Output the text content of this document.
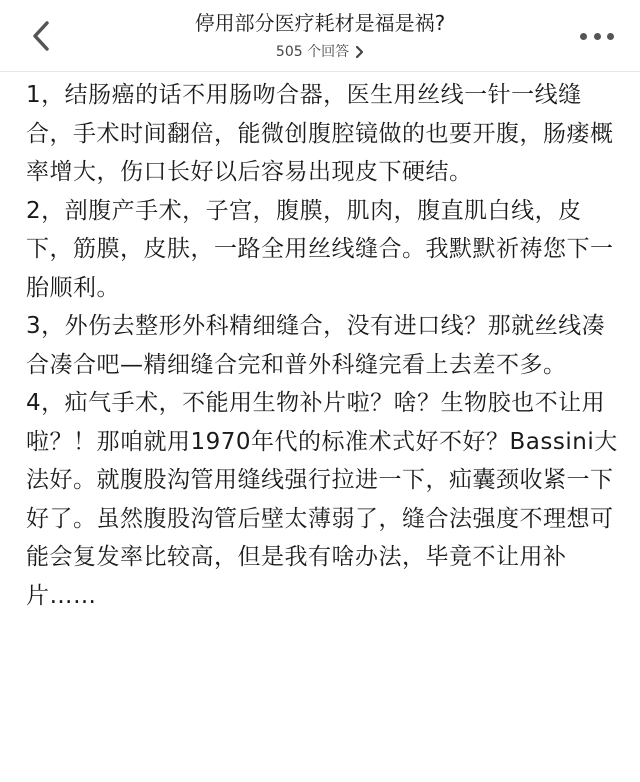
停用部分医疗耗材是福是祸?
505 个回答

1，结肠癌的话不用肠吻合器，医生用丝线一针一线缝合，手术时间翻倍，能微创腹腔镜做的也要开腹，肠瘘概率增大，伤口长好以后容易出现皮下硬结。

2，剖腹产手术，子宫，腹膜，肌肉，腹直肌白线，皮下，筋膜，皮肤，一路全用丝线缝合。我默默祈祷您下一胎顺利。

3，外伤去整形外科精细缝合，没有进口线？那就丝线凑合凑合吧—精细缝合完和普外科缝完看上去差不多。

4，疝气手术，不能用生物补片啦？啥？生物胶也不让用啦？！那咱就用1970年代的标准术式好不好？Bassini大法好。就腹股沟管用缝线强行拉进一下，疝囊颈收紧一下好了。虽然腹股沟管后壁太薄弱了，缝合法强度不理想可能会复发率比较高，但是我有啥办法，毕竟不让用补片……
